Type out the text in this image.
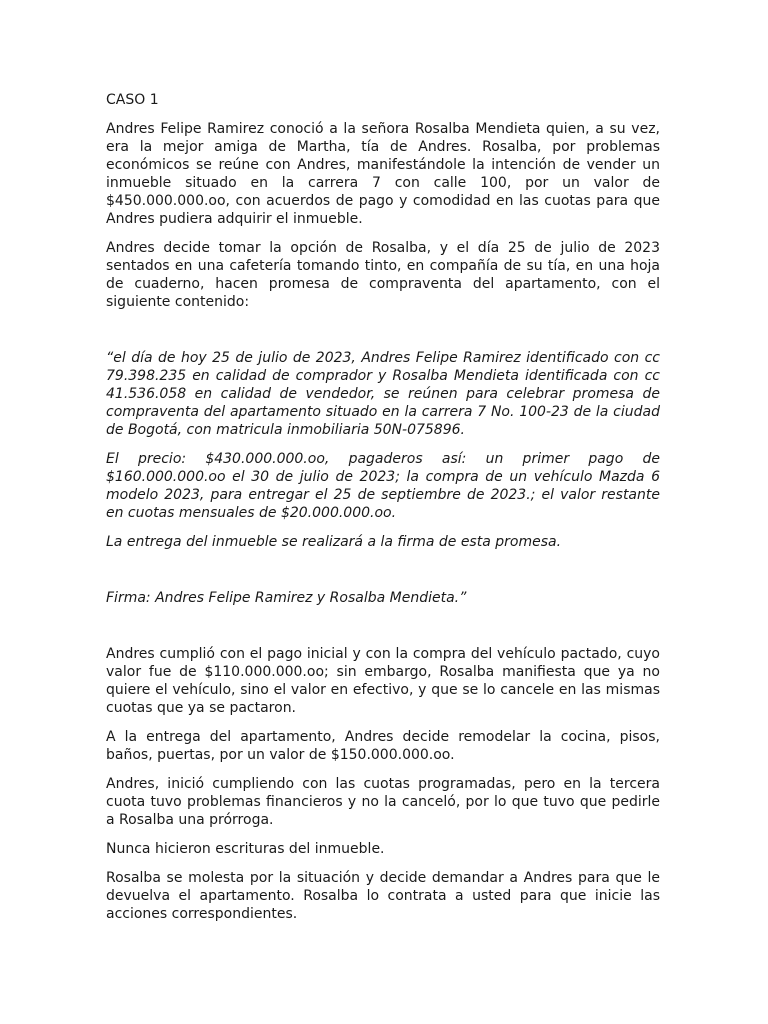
CASO 1

Andres Felipe Ramirez conoció a la señora Rosalba Mendieta quien, a su vez, era la mejor amiga de Martha, tía de Andres. Rosalba, por problemas económicos se reúne con Andres, manifestándole la intención de vender un inmueble situado en la carrera 7 con calle 100, por un valor de $450.000.000.oo, con acuerdos de pago y comodidad en las cuotas para que Andres pudiera adquirir el inmueble.

Andres decide tomar la opción de Rosalba, y el día 25 de julio de 2023 sentados en una cafetería tomando tinto, en compañía de su tía, en una hoja de cuaderno, hacen promesa de compraventa del apartamento, con el siguiente contenido:

“el día de hoy 25 de julio de 2023, Andres Felipe Ramirez identificado con cc 79.398.235 en calidad de comprador y Rosalba Mendieta identificada con cc 41.536.058 en calidad de vendedor, se reúnen para celebrar promesa de compraventa del apartamento situado en la carrera 7 No. 100-23 de la ciudad de Bogotá, con matricula inmobiliaria 50N-075896.

El precio: $430.000.000.oo, pagaderos así: un primer pago de $160.000.000.oo el 30 de julio de 2023; la compra de un vehículo Mazda 6 modelo 2023, para entregar el 25 de septiembre de 2023.; el valor restante en cuotas mensuales de $20.000.000.oo.

La entrega del inmueble se realizará a la firma de esta promesa.

Firma: Andres Felipe Ramirez y Rosalba Mendieta.”

Andres cumplió con el pago inicial y con la compra del vehículo pactado, cuyo valor fue de $110.000.000.oo; sin embargo, Rosalba manifiesta que ya no quiere el vehículo, sino el valor en efectivo, y que se lo cancele en las mismas cuotas que ya se pactaron.

A la entrega del apartamento, Andres decide remodelar la cocina, pisos, baños, puertas, por un valor de $150.000.000.oo.

Andres, inició cumpliendo con las cuotas programadas, pero en la tercera cuota tuvo problemas financieros y no la canceló, por lo que tuvo que pedirle a Rosalba una prórroga.

Nunca hicieron escrituras del inmueble.

Rosalba se molesta por la situación y decide demandar a Andres para que le devuelva el apartamento. Rosalba lo contrata a usted para que inicie las acciones correspondientes.
